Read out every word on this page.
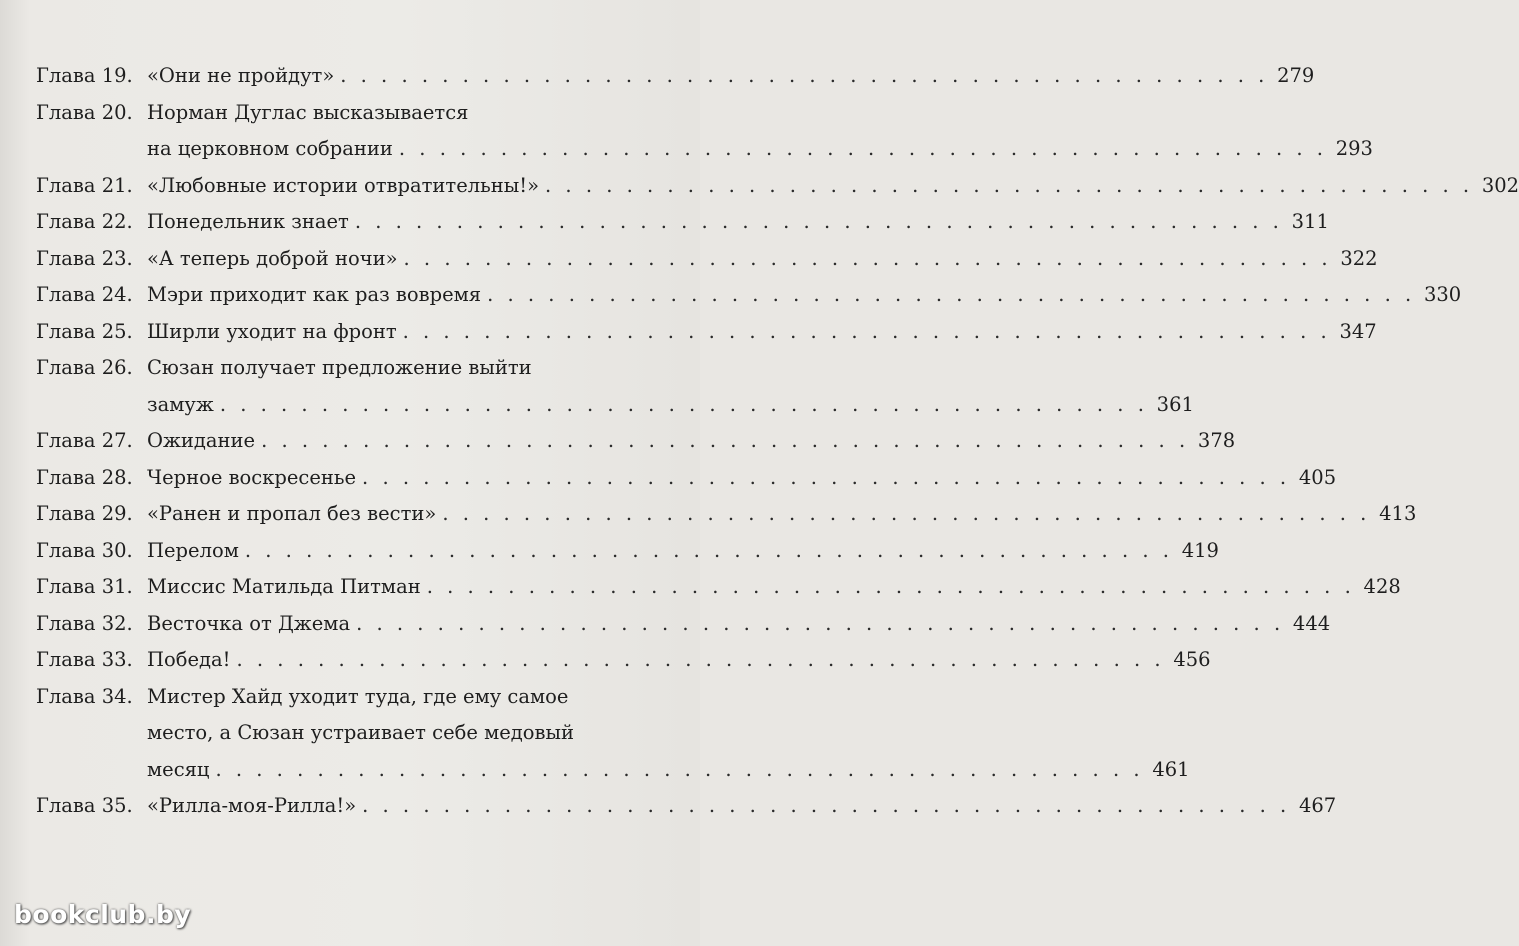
Глава 19. «Они не пройдут» . . .	279
Глава 20. Норман Дуглас высказывается
на церковном собрании . . .	293
Глава 21. «Любовные истории отвратительны!» . . .	302
Глава 22. Понедельник знает . . .	311
Глава 23. «А теперь доброй ночи» . . .	322
Глава 24. Мэри приходит как раз вовремя . . .	330
Глава 25. Ширли уходит на фронт . . .	347
Глава 26. Сюзан получает предложение выйти
замуж . . .	361
Глава 27. Ожидание . . .	378
Глава 28. Черное воскресенье . . .	405
Глава 29. «Ранен и пропал без вести» . . .	413
Глава 30. Перелом . . .	419
Глава 31. Миссис Матильда Питман . . .	428
Глава 32. Весточка от Джема . . .	444
Глава 33. Победа! . . .	456
Глава 34. Мистер Хайд уходит туда, где ему самое
место, а Сюзан устраивает себе медовый
месяц . . .	461
Глава 35. «Рилла-моя-Рилла!» . . .	467
bookclub.by
